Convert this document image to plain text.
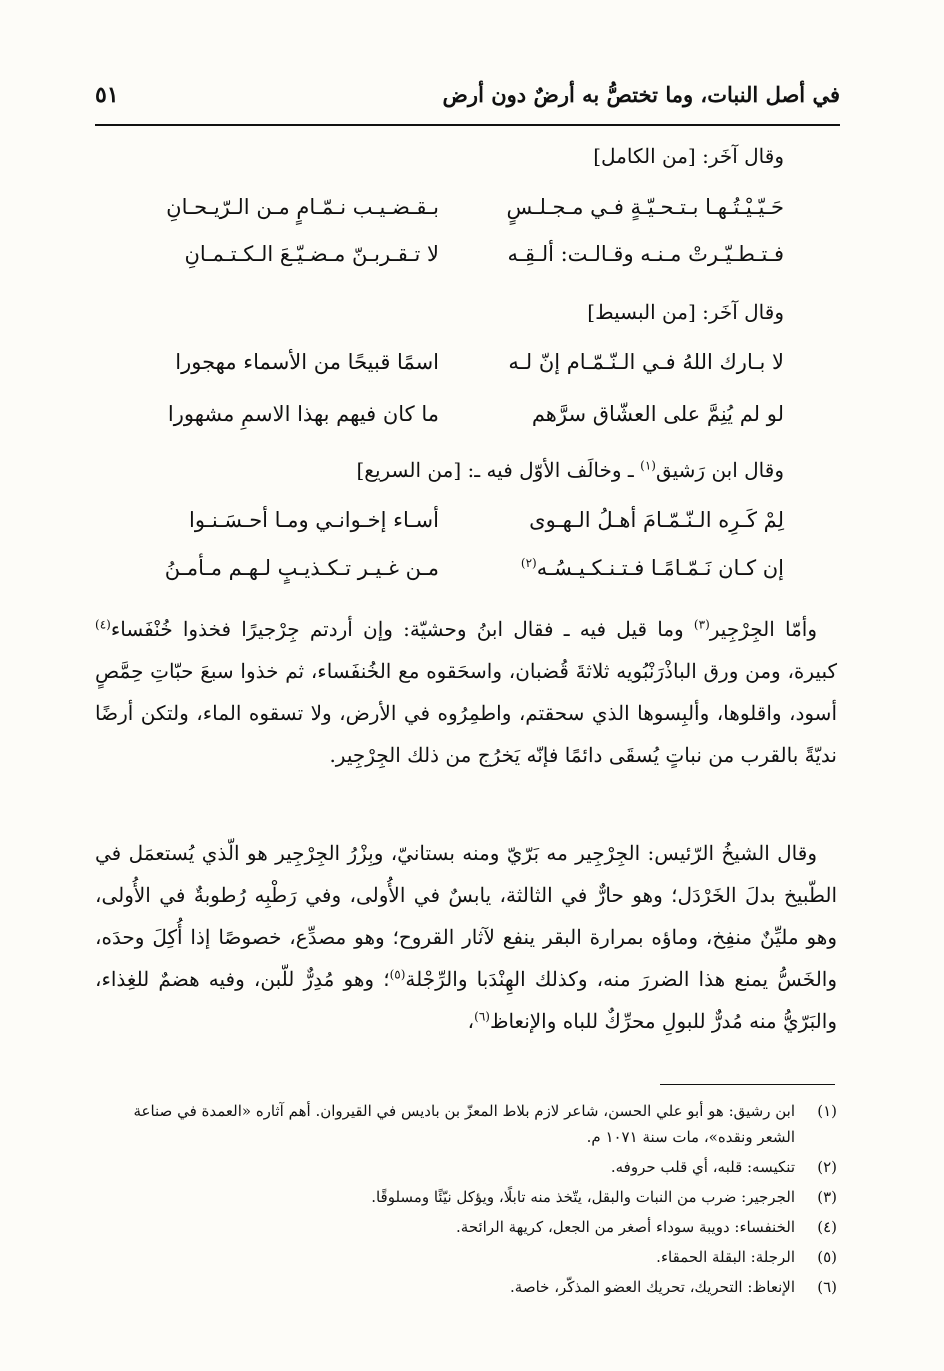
في أصل النبات، وما تختصُّ به أرضٌ دون أرض
٥١
وقال آخَر: [من الكامل]
حَـيّـيْـتُـهـا بـتـحـيّـةٍ فـي مـجـلـسٍ
بـقـضـيـب نـمّـامٍ مـن الـرّيـحـانِ
فـتـطـيّـرتْ مـنـه وقـالـت: ألـقِـه
لا تـقـربـنّ مـضـيّـعَ الـكـتـمـانِ
وقال آخَر: [من البسيط]
لا بـارك اللهُ فـي الـنّـمّـام إنّ لـه
اسمًا قبيحًا من الأسماء مهجورا
لو لم يُنِمَّ على العشّاق سرَّهم
ما كان فيهم بهذا الاسمِ مشهورا
وقال ابن رَشيق$^{(١)}$ ـ وخالَف الأوّل فيه ـ: [من السريع]
لِمْ كَـرِه الـنّـمّـامَ أهـلُ الـهـوى
أسـاء إخـوانـي ومـا أحـسَـنـوا
إن كـان نَـمّـامًـا فـتـنـكـيـسُـه$^{(٢)}$
مـن غـيـر تـكـذيـبٍ لـهـم مـأمـنُ
وأمّا الجِرْجِير$^{(٣)}$ وما قيل فيه ـ فقال ابنُ وحشيّة: وإن أردتم جِرْجيرًا فخذوا خُنْفَساء$^{(٤)}$ كبيرة، ومن ورق الباذْرَنْبُويه ثلاثةَ قُضبان، واسحَقوه مع الخُنفَساء، ثم خذوا سبعَ حبّاتِ حِمَّصٍ أسود، واقلوها، وألبِسوها الذي سحقتم، واطمِرُوه في الأرض، ولا تسقوه الماء، ولتكن أرضًا نديّةً بالقرب من نباتٍ يُسقَى دائمًا فإنّه يَخرُج من ذلك الجِرْجِير.
وقال الشيخُ الرّئيس: الجِرْجِير مه بَرّيّ ومنه بستانيّ، وبِزْرُ الجِرْجِير هو الّذي يُستعمَل في الطّبيخ بدلَ الخَرْدَل؛ وهو حارٌّ في الثالثة، يابسٌ في الأُولى، وفي رَطْبِه رُطوبةٌ في الأُولى، وهو مليِّنٌ منفِخ، وماؤه بمرارة البقر ينفع لآثار القروح؛ وهو مصدِّع، خصوصًا إذا أُكِلَ وحدَه، والخَسُّ يمنع هذا الضررَ منه، وكذلك الهِنْدَبا والرِّجْلة$^{(٥)}$؛ وهو مُدِرٌّ للّبن، وفيه هضمٌ للغِذاء، والبَرّيُّ منه مُدرٌّ للبولِ محرِّكٌ للباه والإنعاظ$^{(٦)}$،
(١)
ابن رشيق: هو أبو علي الحسن، شاعر لازم بلاط المعزّ بن باديس في القيروان. أهم آثاره «العمدة في صناعة الشعر ونقده»، مات سنة ١٠٧١ م.
(٢)
تنكيسه: قلبه، أي قلب حروفه.
(٣)
الجرجير: ضرب من النبات والبقل، يتّخذ منه تابلًا، ويؤكل نيّئًا ومسلوقًا.
(٤)
الخنفساء: دويبة سوداء أصغر من الجعل، كريهة الرائحة.
(٥)
الرجلة: البقلة الحمقاء.
(٦)
الإنعاظ: التحريك، تحريك العضو المذكّر، خاصة.
